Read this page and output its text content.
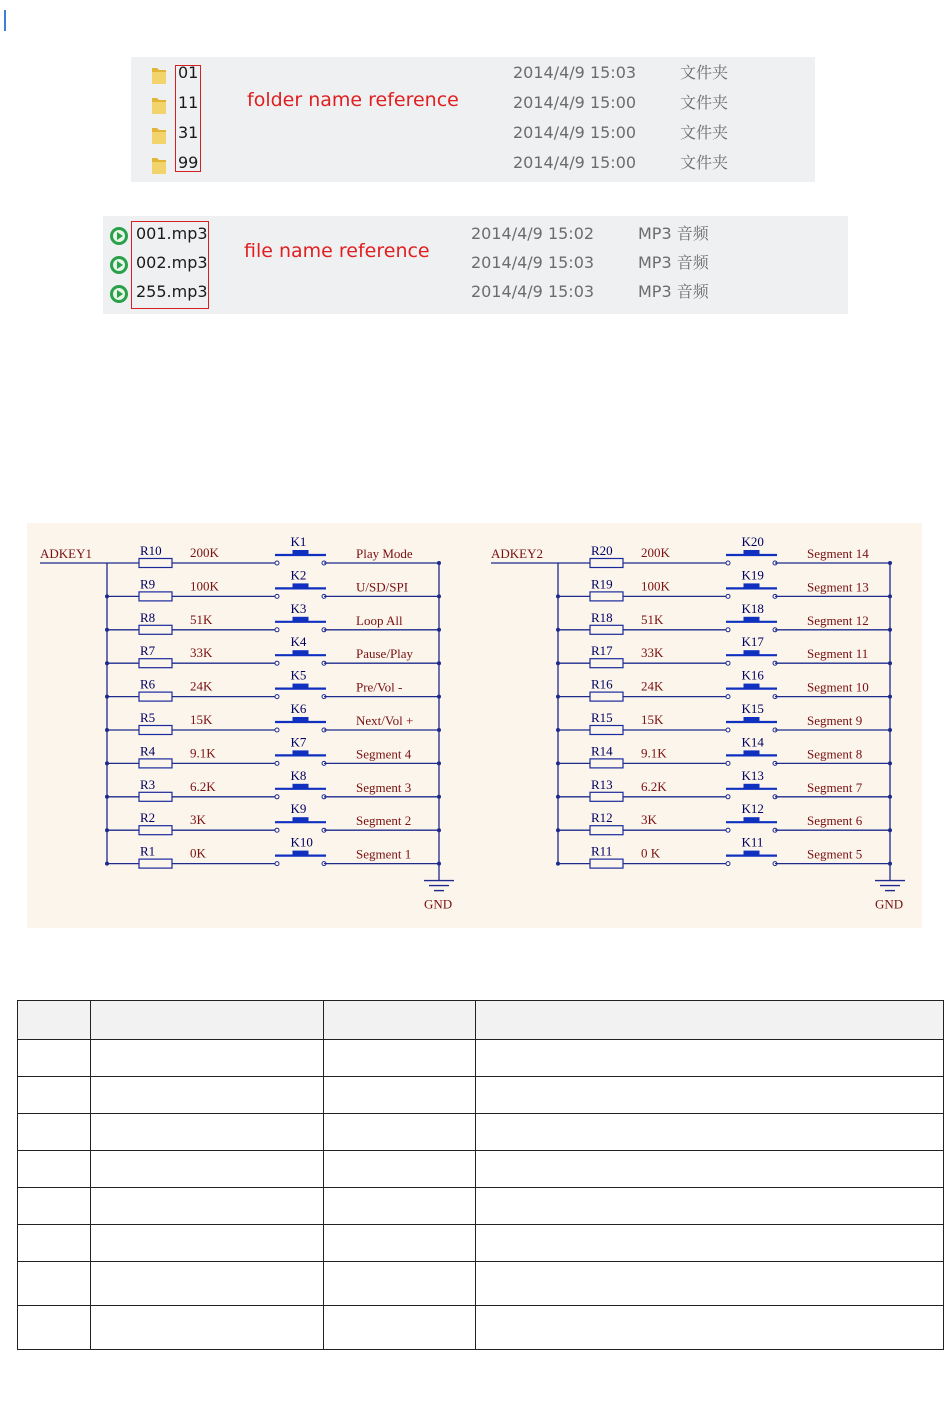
01	2014/4/9 15:03	文件夹
11	2014/4/9 15:00	文件夹
31	2014/4/9 15:00	文件夹
99	2014/4/9 15:00	文件夹
folder name reference
001.mp3	2014/4/9 15:02	MP3 音频
002.mp3	2014/4/9 15:03	MP3 音频
255.mp3	2014/4/9 15:03	MP3 音频
file name reference
ADKEY1	R10 200K
K1
Play Mode
R9	100K
K2
U/SD/SPI
R8	51K
K3
Loop All
R7	33K
K4
Pause/Play
R6	24K
K5
Pre/Vol -
R5	15K
K6
Next/Vol +
R4	9.1K
K7
Segment 4
R3	6.2K
K8
Segment 3
R2	3K
K9
Segment 2
R1	0K
K10
Segment 1
GND
ADKEY2	R20 200K
K20
Segment 14
R19 100K
K19
Segment 13
R18 51K
K18
Segment 12
R17 33K
K17
Segment 11
R16 24K
K16
Segment 10
R15 15K
K15
Segment 9
R14 9.1K
K14
Segment 8
R13 6.2K
K13
Segment 7
R12 3K
K12
Segment 6
R11 0 K
K11
Segment 5
GND
